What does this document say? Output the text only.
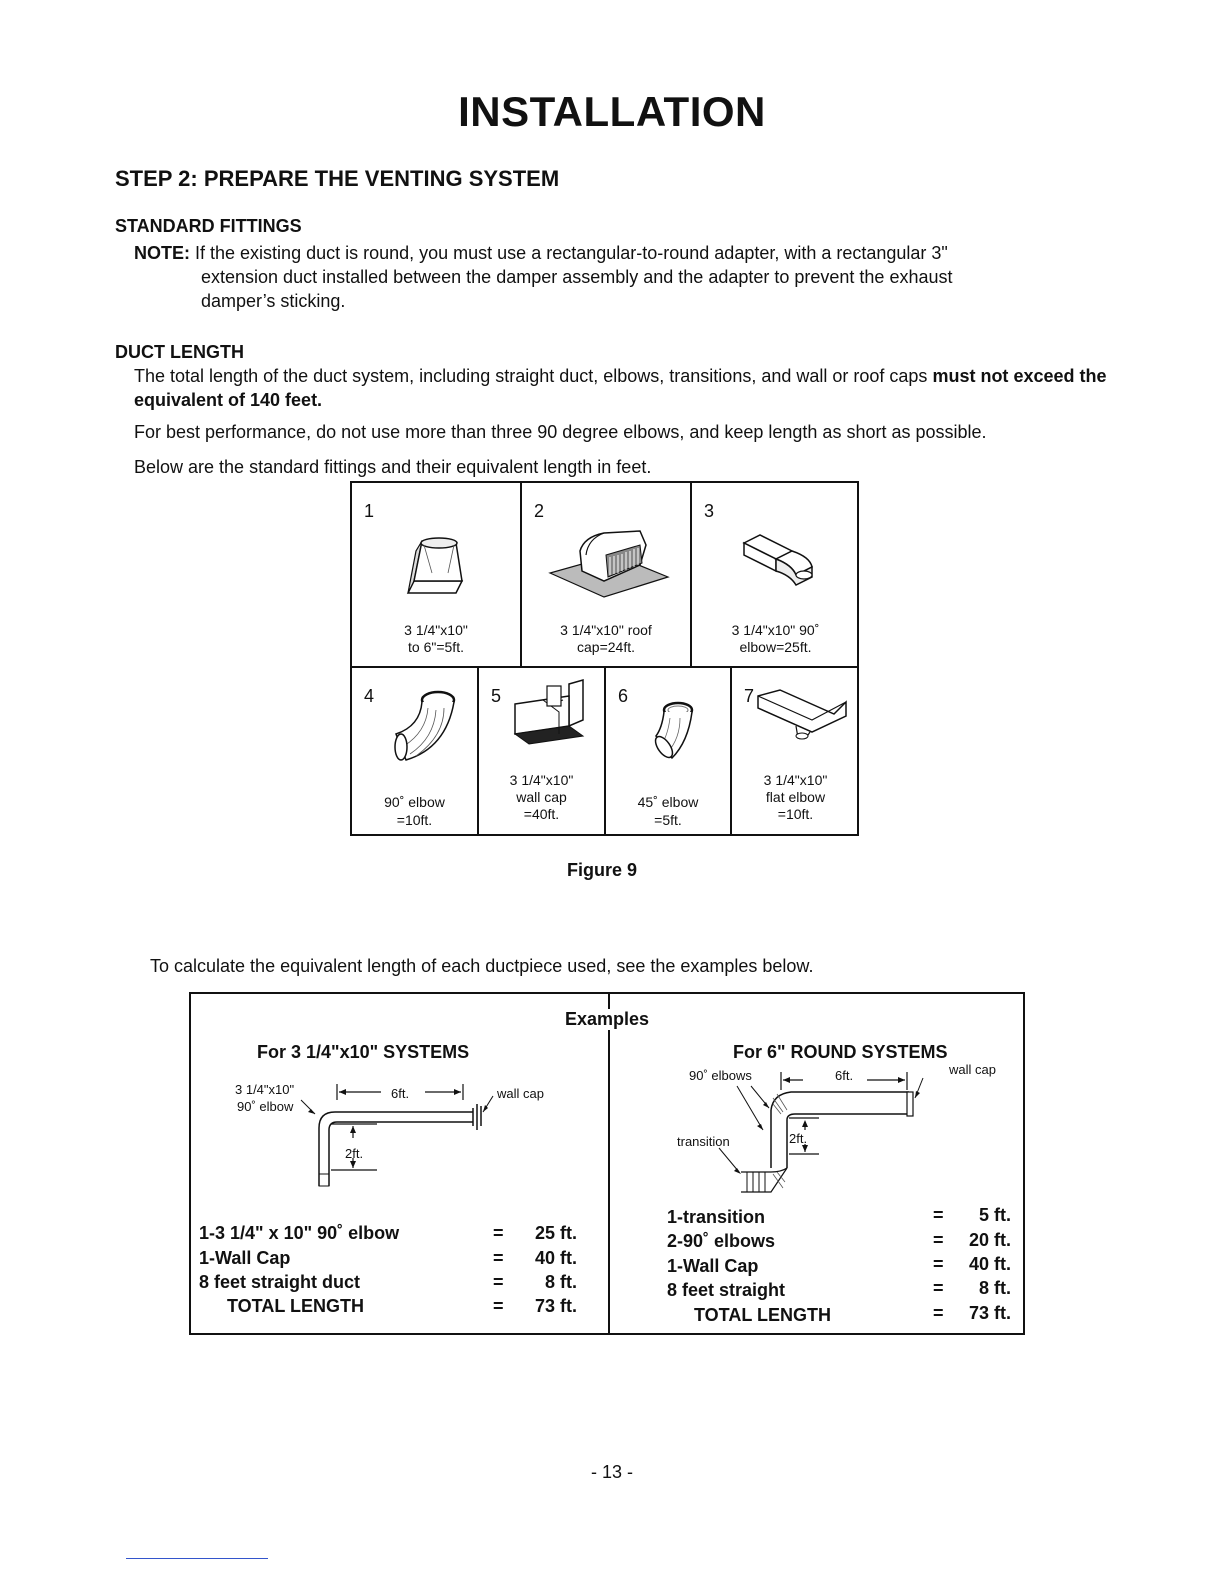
INSTALLATION
STEP 2: PREPARE THE VENTING SYSTEM
STANDARD FITTINGS
NOTE: If the existing duct is round, you must use a rectangular-to-round adapter, with a rectangular 3"
extension duct installed between the damper assembly and the adapter to prevent the exhaust
damper’s sticking.
DUCT LENGTH
The total length of the duct system, including straight duct, elbows, transitions, and wall or roof caps must not exceed the equivalent of 140 feet.
For best performance, do not use more than three 90 degree elbows, and keep length as short as possible.
Below are the standard fittings and their equivalent length in feet.
1
3 1/4"x10"
to 6"=5ft.
2
3 1/4"x10" roof
cap=24ft.
3
3 1/4"x10" 90˚
elbow=25ft.
4
90˚ elbow
=10ft.
5
3 1/4"x10"
wall cap
=40ft.
6
45˚ elbow
=5ft.
7
3 1/4"x10"
flat elbow
=10ft.
Figure 9
To calculate the equivalent length of each ductpiece used, see the examples below.
Examples
For 3 1/4"x10" SYSTEMS
3 1/4"x10"
90˚ elbow
6ft.
2ft.
wall cap
1-3 1/4" x 10" 90˚ elbow	=	25 ft.
1-Wall Cap	=	40 ft.
8 feet straight duct	=	8 ft.
TOTAL LENGTH	=	73 ft.
For 6" ROUND SYSTEMS
90˚ elbows	6ft.	wall cap
transition	2ft.
1-transition	=	5 ft.
2-90˚ elbows	=	20 ft.
1-Wall Cap	=	40 ft.
8 feet straight	=	8 ft.
TOTAL LENGTH	=	73 ft.
- 13 -
